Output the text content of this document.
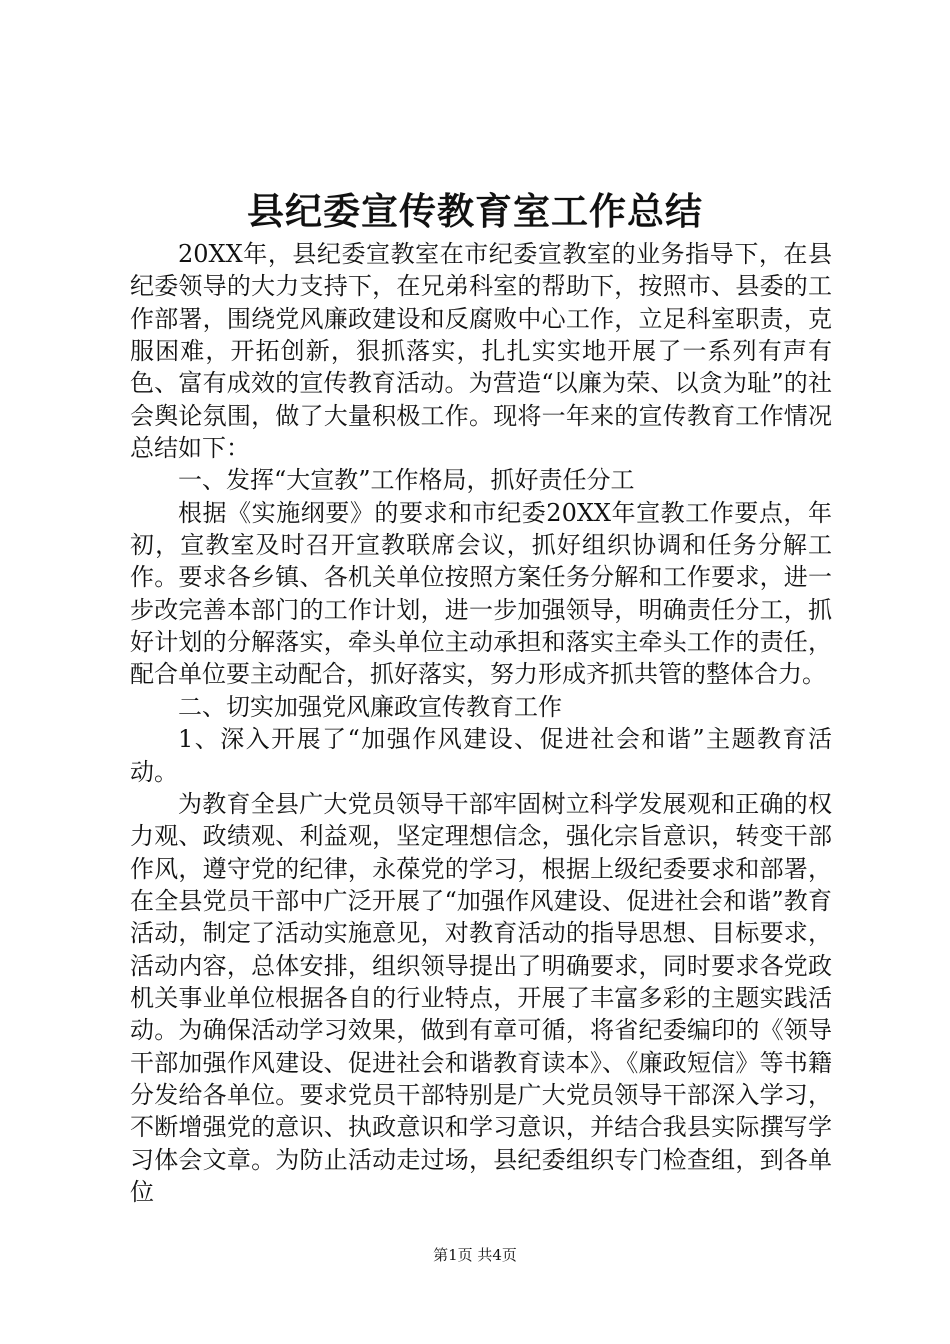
县纪委宣传教育室工作总结

20XX年，县纪委宣教室在市纪委宣教室的业务指导下，在县纪委领导的大力支持下，在兄弟科室的帮助下，按照市、县委的工作部署，围绕党风廉政建设和反腐败中心工作，立足科室职责，克服困难，开拓创新，狠抓落实，扎扎实实地开展了一系列有声有色、富有成效的宣传教育活动。为营造“以廉为荣、以贪为耻”的社会舆论氛围，做了大量积极工作。现将一年来的宣传教育工作情况总结如下：

一、发挥“大宣教”工作格局，抓好责任分工

根据《实施纲要》的要求和市纪委20XX年宣教工作要点，年初，宣教室及时召开宣教联席会议，抓好组织协调和任务分解工作。要求各乡镇、各机关单位按照方案任务分解和工作要求，进一步改完善本部门的工作计划，进一步加强领导，明确责任分工，抓好计划的分解落实，牵头单位主动承担和落实主牵头工作的责任，配合单位要主动配合，抓好落实，努力形成齐抓共管的整体合力。

二、切实加强党风廉政宣传教育工作

1、深入开展了“加强作风建设、促进社会和谐”主题教育活动。

为教育全县广大党员领导干部牢固树立科学发展观和正确的权力观、政绩观、利益观，坚定理想信念，强化宗旨意识，转变干部作风，遵守党的纪律，永葆党的学习，根据上级纪委要求和部署，在全县党员干部中广泛开展了“加强作风建设、促进社会和谐”教育活动，制定了活动实施意见，对教育活动的指导思想、目标要求，活动内容，总体安排，组织领导提出了明确要求，同时要求各党政机关事业单位根据各自的行业特点，开展了丰富多彩的主题实践活动。为确保活动学习效果，做到有章可循，将省纪委编印的《领导干部加强作风建设、促进社会和谐教育读本》、《廉政短信》等书籍分发给各单位。要求党员干部特别是广大党员领导干部深入学习，不断增强党的意识、执政意识和学习意识，并结合我县实际撰写学习体会文章。为防止活动走过场，县纪委组织专门检查组，到各单位

第1页 共4页
